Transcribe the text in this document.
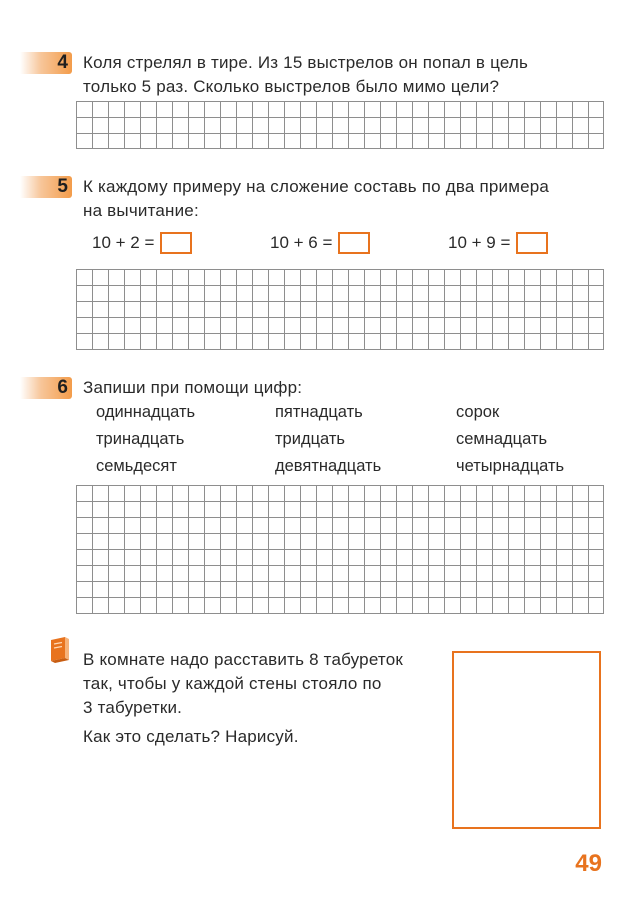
4 Коля стрелял в тире. Из 15 выстрелов он попал в цель
только 5 раз. Сколько выстрелов было мимо цели?
5 К каждому примеру на сложение составь по два примера
на вычитание:
10 + 2 =	10 + 6 =	10 + 9 =
6 Запиши при помощи цифр:
одиннадцать
тринадцать
семьдесят
пятнадцать
тридцать
девятнадцать
сорок
семнадцать
четырнадцать
В комнате надо расставить 8 табуреток
так, чтобы у каждой стены стояло по
3 табуретки.
Как это сделать? Нарисуй.
49
